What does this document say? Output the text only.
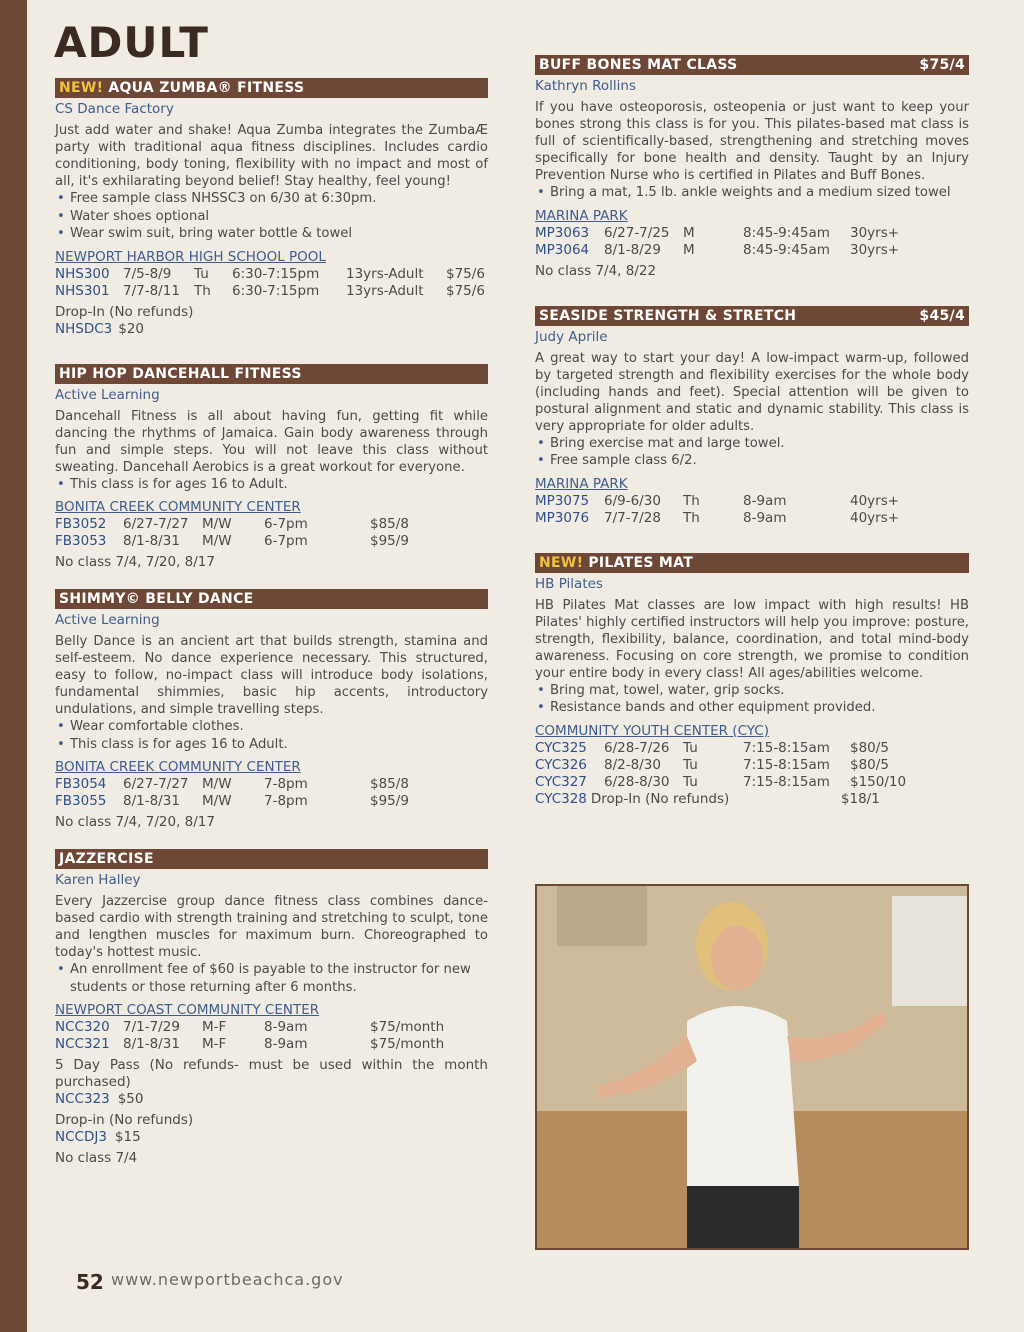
ADULT
NEW! AQUA ZUMBA® FITNESS
CS Dance Factory
Just add water and shake! Aqua Zumba integrates the ZumbaÆ party with traditional aqua fitness disciplines. Includes cardio conditioning, body toning, flexibility with no impact and most of all, it's exhilarating beyond belief! Stay healthy, feel young!
• Free sample class NHSSC3 on 6/30 at 6:30pm.
• Water shoes optional
• Wear swim suit, bring water bottle & towel
NEWPORT HARBOR HIGH SCHOOL POOL
NHS300 7/5-8/9	Tu	6:30-7:15pm	13yrs-Adult	$75/6
NHS301 7/7-8/11	Th	6:30-7:15pm	13yrs-Adult	$75/6
Drop-In (No refunds)
NHSDC3 $20
HIP HOP DANCEHALL FITNESS
Active Learning
Dancehall Fitness is all about having fun, getting fit while dancing the rhythms of Jamaica. Gain body awareness through fun and simple steps. You will not leave this class without sweating. Dancehall Aerobics is a great workout for everyone.
• This class is for ages 16 to Adult.
BONITA CREEK COMMUNITY CENTER
FB3052	6/27-7/27 M/W	6-7pm	$85/8
FB3053	8/1-8/31	M/W	6-7pm	$95/9
No class 7/4, 7/20, 8/17
SHIMMY© BELLY DANCE
Active Learning
Belly Dance is an ancient art that builds strength, stamina and self-esteem. No dance experience necessary. This structured, easy to follow, no-impact class will introduce body isolations, fundamental shimmies, basic hip accents, introductory undulations, and simple travelling steps.
• Wear comfortable clothes.
• This class is for ages 16 to Adult.
BONITA CREEK COMMUNITY CENTER
FB3054	6/27-7/27 M/W	7-8pm	$85/8
FB3055	8/1-8/31	M/W	7-8pm	$95/9
No class 7/4, 7/20, 8/17
JAZZERCISE
Karen Halley
Every Jazzercise group dance fitness class combines dance-based cardio with strength training and stretching to sculpt, tone and lengthen muscles for maximum burn. Choreographed to today's hottest music.
• An enrollment fee of $60 is payable to the instructor for new students or those returning after 6 months.
NEWPORT COAST COMMUNITY CENTER
NCC320 7/1-7/29	M-F	8-9am	$75/month
NCC321 8/1-8/31	M-F	8-9am	$75/month
5 Day Pass (No refunds- must be used within the month purchased)
NCC323 $50
Drop-in (No refunds)
NCCDJ3 $15
No class 7/4
BUFF BONES MAT CLASS	$75/4
Kathryn Rollins
If you have osteoporosis, osteopenia or just want to keep your bones strong this class is for you. This pilates-based mat class is full of scientifically-based, strengthening and stretching moves specifically for bone health and density. Taught by an Injury Prevention Nurse who is certified in Pilates and Buff Bones.
• Bring a mat, 1.5 lb. ankle weights and a medium sized towel
MARINA PARK
MP3063	6/27-7/25 M	8:45-9:45am	30yrs+
MP3064	8/1-8/29	M	8:45-9:45am	30yrs+
No class 7/4, 8/22
SEASIDE STRENGTH & STRETCH	$45/4
Judy Aprile
A great way to start your day! A low-impact warm-up, followed by targeted strength and flexibility exercises for the whole body (including hands and feet). Special attention will be given to postural alignment and static and dynamic stability. This class is very appropriate for older adults.
• Bring exercise mat and large towel.
• Free sample class 6/2.
MARINA PARK
MP3075	6/9-6/30	Th	8-9am	40yrs+
MP3076	7/7-7/28	Th	8-9am	40yrs+
NEW! PILATES MAT
HB Pilates
HB Pilates Mat classes are low impact with high results! HB Pilates' highly certified instructors will help you improve: posture, strength, flexibility, balance, coordination, and total mind-body awareness. Focusing on core strength, we promise to condition your entire body in every class! All ages/abilities welcome.
• Bring mat, towel, water, grip socks.
• Resistance bands and other equipment provided.
COMMUNITY YOUTH CENTER (CYC)
CYC325	6/28-7/26 Tu	7:15-8:15am	$80/5
CYC326	8/2-8/30	Tu	7:15-8:15am	$80/5
CYC327	6/28-8/30 Tu	7:15-8:15am	$150/10
CYC328 Drop-In (No refunds)	$18/1
52 www.newportbeachca.gov
